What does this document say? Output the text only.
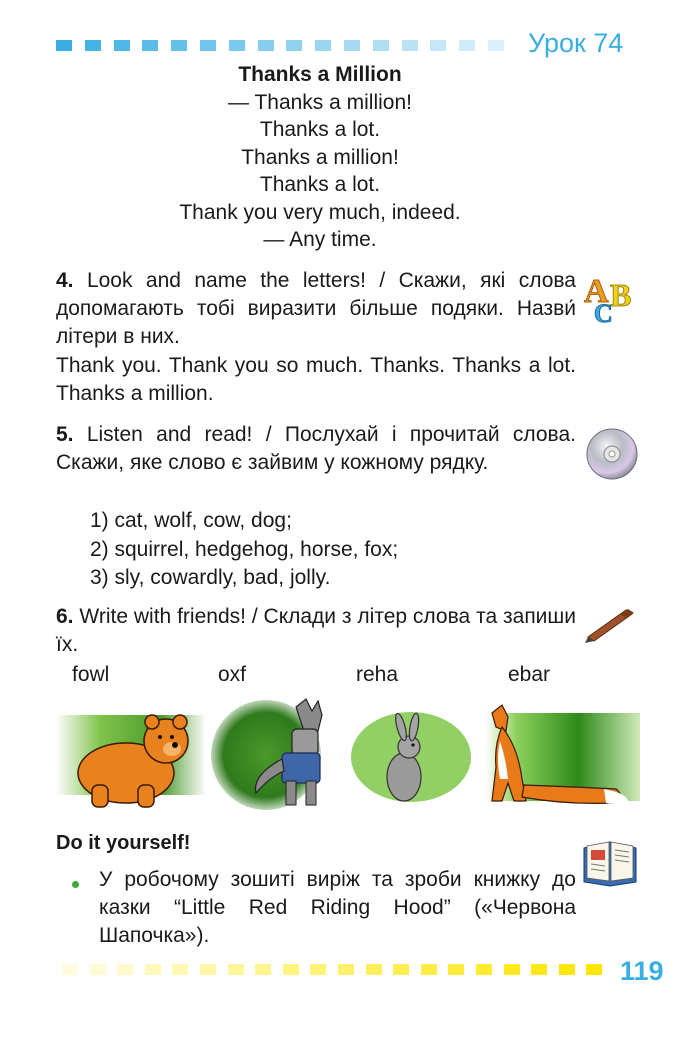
Урок 74
Thanks a Million
— Thanks a million!
Thanks a lot.
Thanks a million!
Thanks a lot.
Thank you very much, indeed.
— Any time.
4. Look and name the letters! / Скажи, які слова допомагають тобі виразити більше подяки. Назви́ літери в них.
Thank you. Thank you so much. Thanks. Thanks a lot. Thanks a million.
A B
C
5. Listen and read! / Послухай і прочитай слова. Скажи, яке слово є зайвим у кожному рядку.
1) cat, wolf, cow, dog;
2) squirrel, hedgehog, horse, fox;
3) sly, cowardly, bad, jolly.
6. Write with friends! / Склади з літер слова та запиши їх.
fowl	oxf	reha	ebar
Do it yourself!
У робочому зошиті виріж та зроби книжку до казки “Little Red Riding Hood” («Червона Шапочка»).
119
